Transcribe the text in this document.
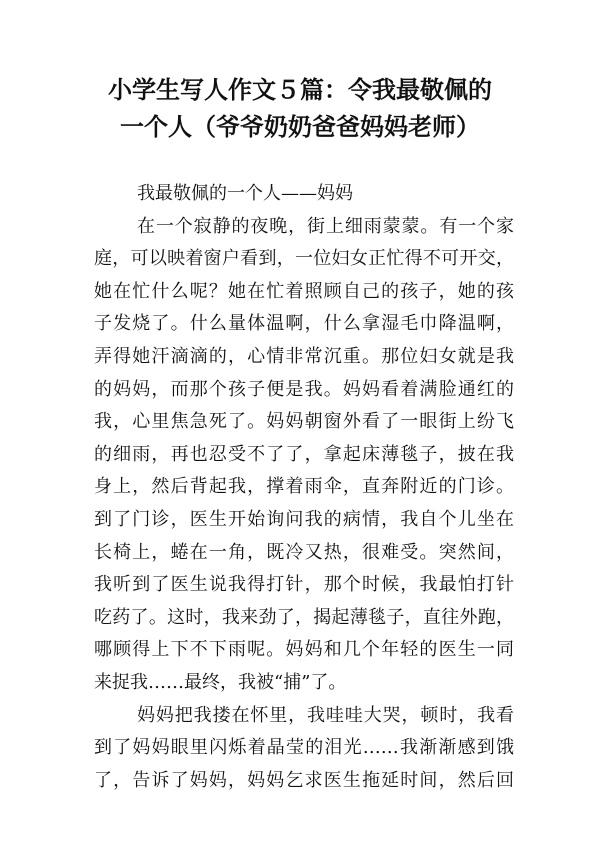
小学生写人作文５篇：令我最敬佩的
一个人（爷爷奶奶爸爸妈妈老师）
我最敬佩的一个人——妈妈
在一个寂静的夜晚，街上细雨蒙蒙。有一个家
庭，可以映着窗户看到，一位妇女正忙得不可开交，
她在忙什么呢？她在忙着照顾自己的孩子，她的孩
子发烧了。什么量体温啊，什么拿湿毛巾降温啊，
弄得她汗滴滴的，心情非常沉重。那位妇女就是我
的妈妈，而那个孩子便是我。妈妈看着满脸通红的
我，心里焦急死了。妈妈朝窗外看了一眼街上纷飞
的细雨，再也忍受不了了，拿起床薄毯子，披在我
身上，然后背起我，撑着雨伞，直奔附近的门诊。
到了门诊，医生开始询问我的病情，我自个儿坐在
长椅上，蜷在一角，既冷又热，很难受。突然间，
我听到了医生说我得打针，那个时候，我最怕打针
吃药了。这时，我来劲了，揭起薄毯子，直往外跑，
哪顾得上下不下雨呢。妈妈和几个年轻的医生一同
来捉我……最终，我被“捕”了。
妈妈把我搂在怀里，我哇哇大哭，顿时，我看
到了妈妈眼里闪烁着晶莹的泪光……我渐渐感到饿
了，告诉了妈妈，妈妈乞求医生拖延时间，然后回
